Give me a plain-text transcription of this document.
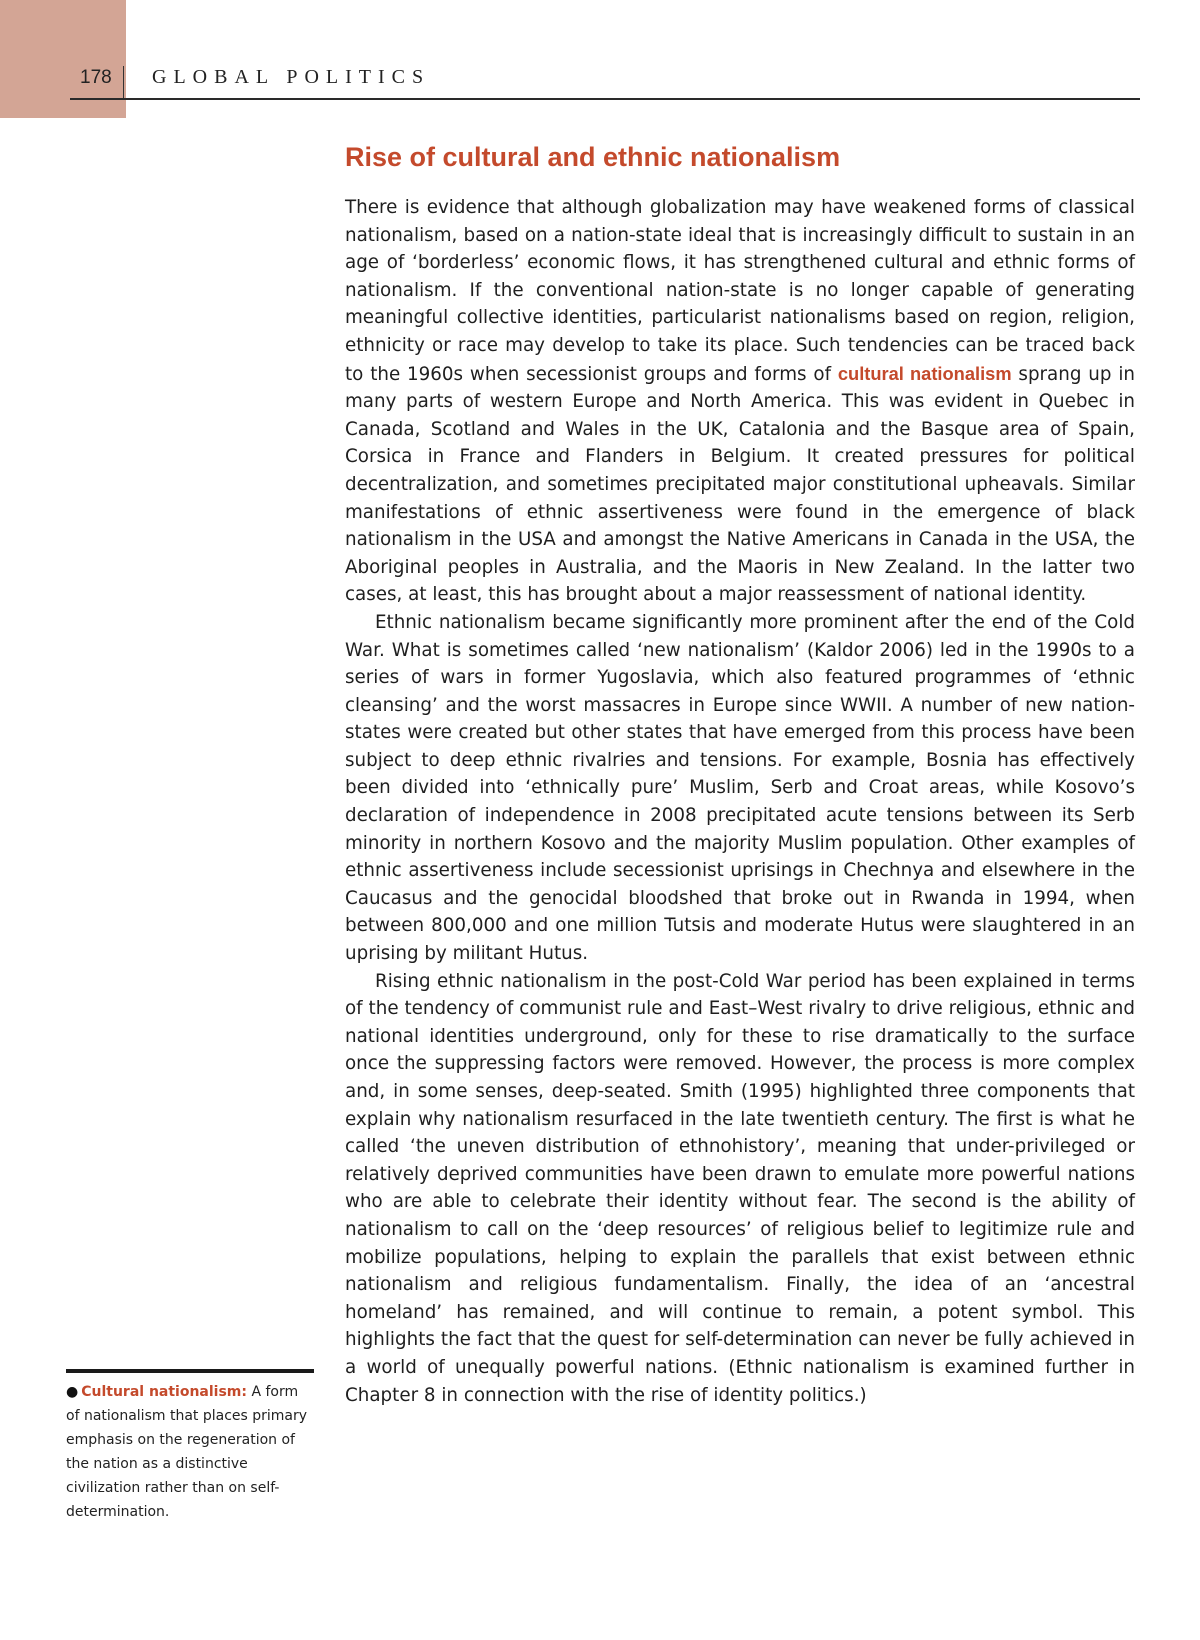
178 GLOBAL POLITICS
Rise of cultural and ethnic nationalism

There is evidence that although globalization may have weakened forms of classical nationalism, based on a nation-state ideal that is increasingly difficult to sustain in an age of ‘borderless’ economic flows, it has strengthened cultural and ethnic forms of nationalism. If the conventional nation-state is no longer capable of generating meaningful collective identities, particularist nationalisms based on region, religion, ethnicity or race may develop to take its place. Such tendencies can be traced back to the 1960s when secessionist groups and forms of cultural nationalism sprang up in many parts of western Europe and North America. This was evident in Quebec in Canada, Scotland and Wales in the UK, Catalonia and the Basque area of Spain, Corsica in France and Flanders in Belgium. It created pressures for political decentralization, and sometimes precipitated major constitutional upheavals. Similar manifestations of ethnic assertiveness were found in the emergence of black nationalism in the USA and amongst the Native Americans in Canada in the USA, the Aboriginal peoples in Australia, and the Maoris in New Zealand. In the latter two cases, at least, this has brought about a major reassessment of national identity.

Ethnic nationalism became significantly more prominent after the end of the Cold War. What is sometimes called ‘new nationalism’ (Kaldor 2006) led in the 1990s to a series of wars in former Yugoslavia, which also featured programmes of ‘ethnic cleansing’ and the worst massacres in Europe since WWII. A number of new nation-states were created but other states that have emerged from this process have been subject to deep ethnic rivalries and tensions. For example, Bosnia has effectively been divided into ‘ethnically pure’ Muslim, Serb and Croat areas, while Kosovo’s declaration of independence in 2008 precipitated acute tensions between its Serb minority in northern Kosovo and the majority Muslim population. Other examples of ethnic assertiveness include secessionist uprisings in Chechnya and elsewhere in the Caucasus and the genocidal bloodshed that broke out in Rwanda in 1994, when between 800,000 and one million Tutsis and moderate Hutus were slaughtered in an uprising by militant Hutus.

Rising ethnic nationalism in the post-Cold War period has been explained in terms of the tendency of communist rule and East–West rivalry to drive religious, ethnic and national identities underground, only for these to rise dramatically to the surface once the suppressing factors were removed. However, the process is more complex and, in some senses, deep-seated. Smith (1995) highlighted three components that explain why nationalism resurfaced in the late twentieth century. The first is what he called ‘the uneven distribution of ethnohistory’, meaning that under-privileged or relatively deprived communities have been drawn to emulate more powerful nations who are able to celebrate their identity without fear. The second is the ability of nationalism to call on the ‘deep resources’ of religious belief to legitimize rule and mobilize populations, helping to explain the parallels that exist between ethnic nationalism and religious fundamentalism. Finally, the idea of an ‘ancestral homeland’ has remained, and will continue to remain, a potent symbol. This highlights the fact that the quest for self-determination can never be fully achieved in a world of unequally powerful nations. (Ethnic nationalism is examined further in Chapter 8 in connection with the rise of identity politics.)

● Cultural nationalism: A form of nationalism that places primary emphasis on the regeneration of the nation as a distinctive civilization rather than on self-determination.
